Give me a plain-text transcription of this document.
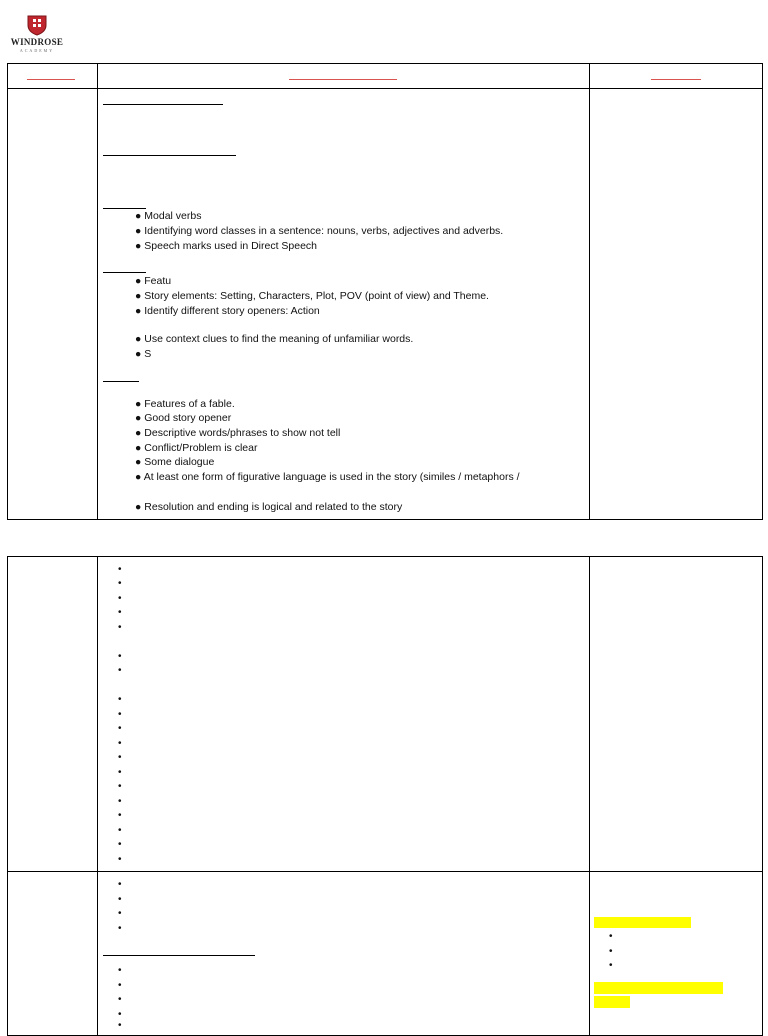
WINDROSE
ACADEMY
● Modal verbs
● Identifying word classes in a sentence: nouns, verbs, adjectives and adverbs.
● Speech marks used in Direct Speech
● Featu
● Story elements: Setting, Characters, Plot, POV (point of view) and Theme.
● Identify different story openers: Action
● Use context clues to find the meaning of unfamiliar words.
● S
● Features of a fable.
● Good story opener
● Descriptive words/phrases to show not tell
● Conflict/Problem is clear
● Some dialogue
● At least one form of figurative language is used in the story (similes / metaphors /
● Resolution and ending is logical and related to the story
•
•
•
•
•
•
•
•
•
•
•
•
•
•
•
•
•
•
•
•
•
•
•
•
•
•
•
•
•
•
•
